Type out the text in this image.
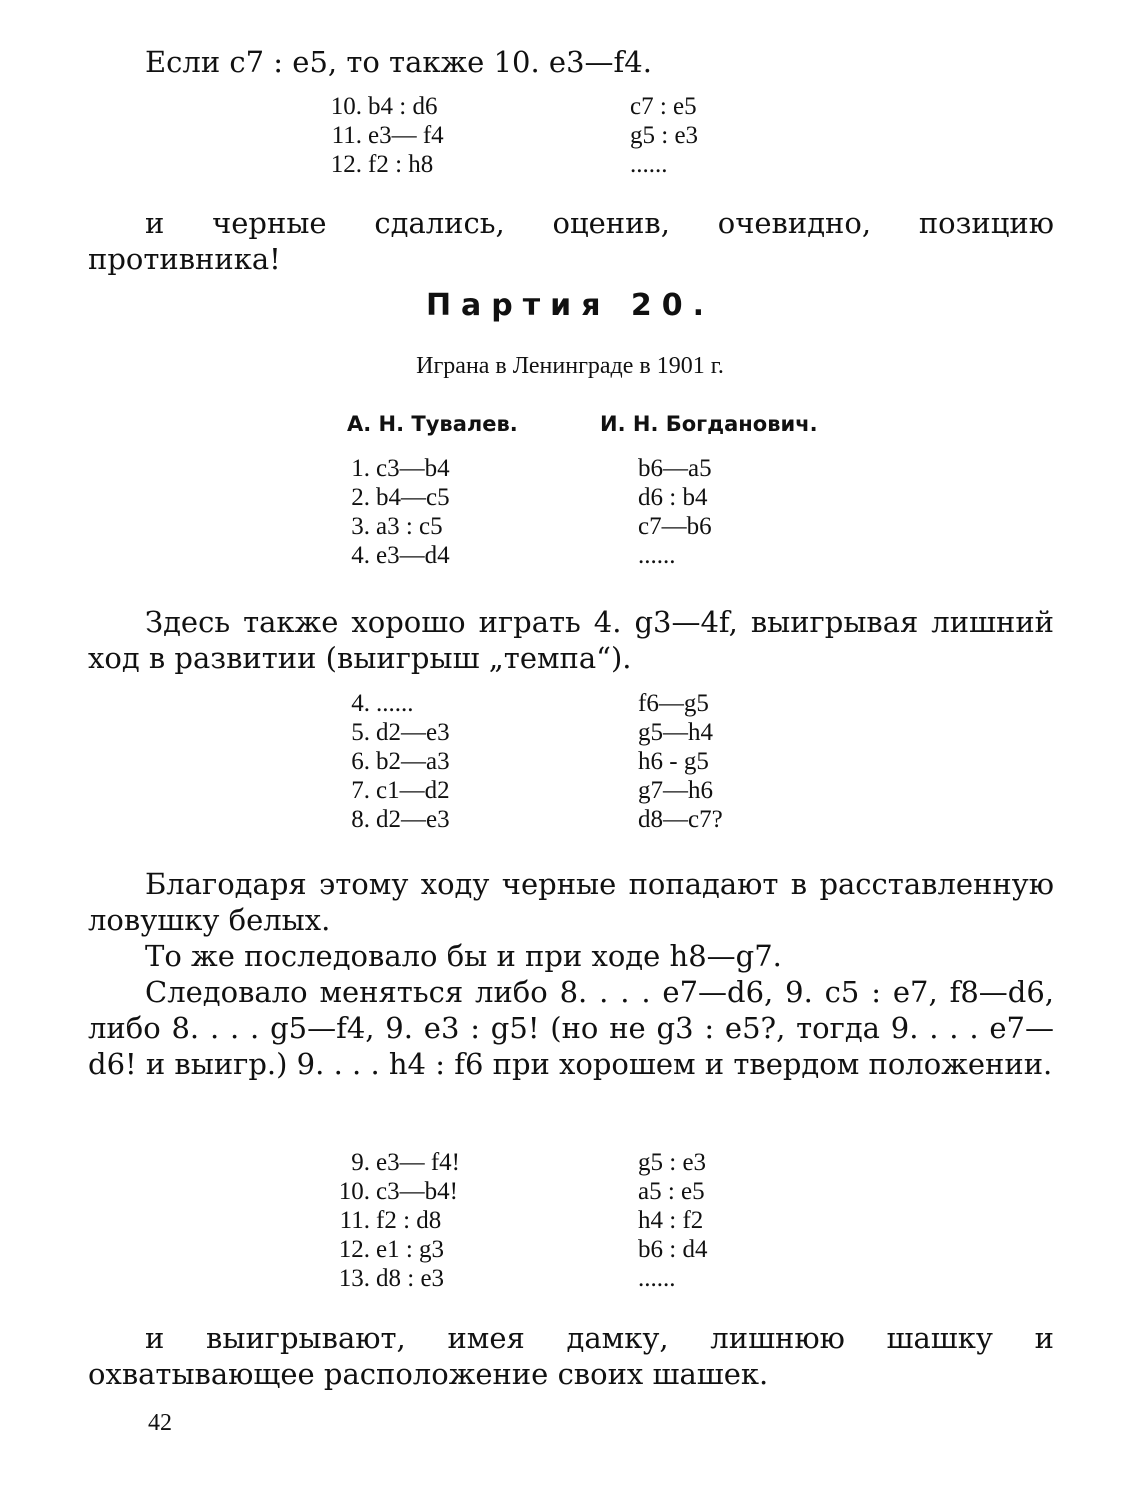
Если c7 : e5, то также 10. e3—f4.

10. b4 : d6	c7 : e5
11. e3— f4	g5 : e3
12. f2 : h8	......

и черные сдались, оценив, очевидно, позицию противника!

Партия 20.
Играна в Ленинграде в 1901 г.
А. Н. Тувалев.	И. Н. Богданович.
1. c3—b4	b6—a5
2. b4—c5	d6 : b4
3. a3 : c5	c7—b6
4. e3—d4	......

Здесь также хорошо играть 4. g3—4f, выигрывая лишний ход в развитии (выигрыш „темпа“).

4. ......	f6—g5
5. d2—e3	g5—h4
6. b2—a3	h6 - g5
7. c1—d2	g7—h6
8. d2—e3	d8—c7?

Благодаря этому ходу черные попадают в расставленную ловушку белых.

То же последовало бы и при ходе h8—g7.

Следовало меняться либо 8. . . . e7—d6, 9. c5 : e7, f8—d6, либо 8. . . . g5—f4, 9. e3 : g5! (но не g3 : e5?, тогда 9. . . . e7—d6! и выигр.) 9. . . . h4 : f6 при хорошем и твердом положении.

9. e3— f4!	g5 : e3
10. c3—b4!	a5 : e5
11. f2 : d8	h4 : f2
12. e1 : g3	b6 : d4
13. d8 : e3	......

и выигрывают, имея дамку, лишнюю шашку и охватывающее расположение своих шашек.

42
